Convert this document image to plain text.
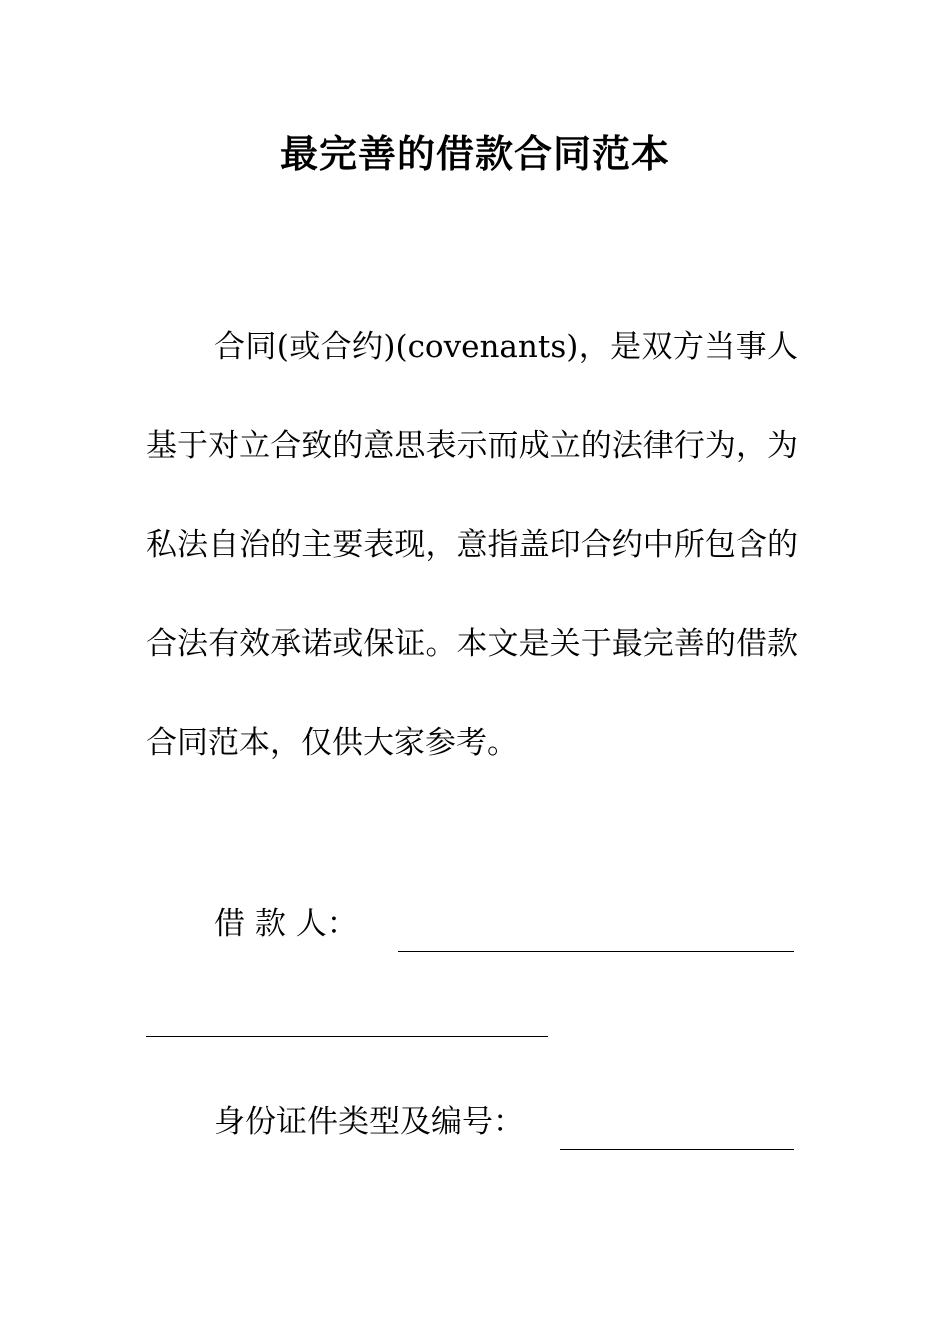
最完善的借款合同范本

合同(或合约)(covenants)，是双方当事人基于对立合致的意思表示而成立的法律行为，为私法自治的主要表现，意指盖印合约中所包含的合法有效承诺或保证。本文是关于最完善的借款合同范本，仅供大家参考。

借 款 人：
身份证件类型及编号：
